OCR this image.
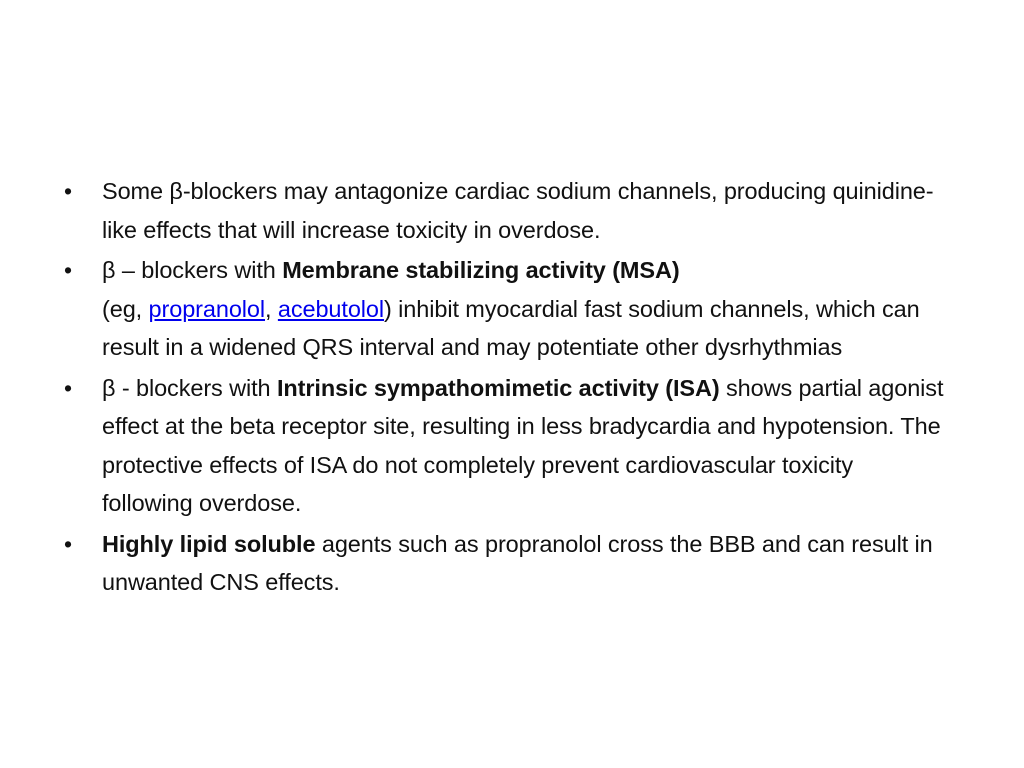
• Some β-blockers may antagonize cardiac sodium channels, producing quinidine-like effects that will increase toxicity in overdose.
• β – blockers with Membrane stabilizing activity (MSA)
(eg, propranolol, acebutolol) inhibit myocardial fast sodium channels, which can result in a widened QRS interval and may potentiate other dysrhythmias
• β - blockers with Intrinsic sympathomimetic activity (ISA) shows partial agonist effect at the beta receptor site, resulting in less bradycardia and hypotension. The protective effects of ISA do not completely prevent cardiovascular toxicity following overdose.
• Highly lipid soluble agents such as propranolol cross the BBB and can result in unwanted CNS effects.
